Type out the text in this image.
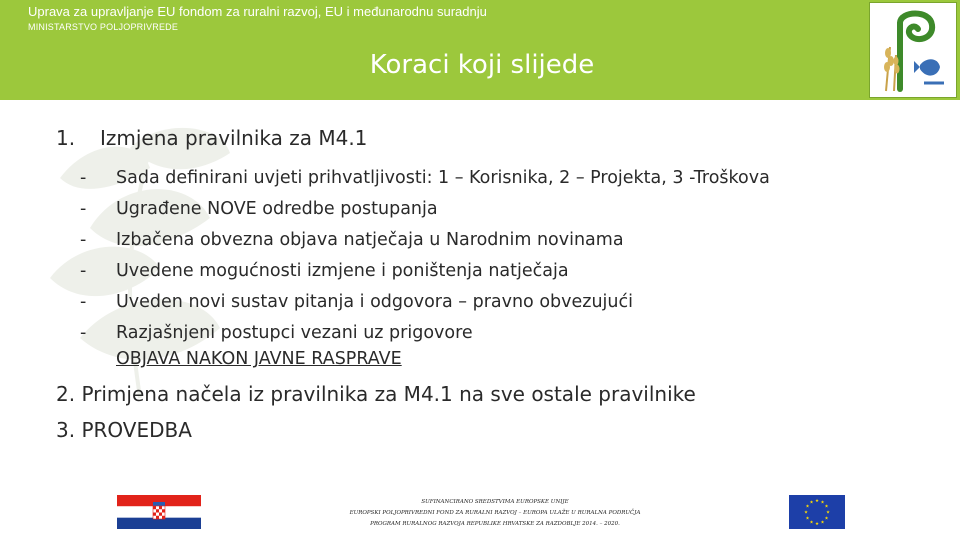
Uprava za upravljanje EU fondom za ruralni razvoj, EU i međunarodnu suradnju
MINISTARSTVO POLJOPRIVREDE
Koraci koji slijede
1. Izmjena pravilnika za M4.1
- Sada definirani uvjeti prihvatljivosti: 1 – Korisnika, 2 – Projekta, 3 -Troškova
- Ugrađene NOVE odredbe postupanja
- Izbačena obvezna objava natječaja u Narodnim novinama
- Uvedene mogućnosti izmjene i poništenja natječaja
- Uveden novi sustav pitanja i odgovora – pravno obvezujući
- Razjašnjeni postupci vezani uz prigovore
OBJAVA NAKON JAVNE RASPRAVE
2. Primjena načela iz pravilnika za M4.1 na sve ostale pravilnike
3. PROVEDBA
SUFINANCIRANO SREDSTVIMA EUROPSKE UNIJE
EUROPSKI POLJOPRIVREDNI FOND ZA RURALNI RAZVOJ – EUROPA ULAŽE U RURALNA PODRUČJA
PROGRAM RURALNOG RAZVOJA REPUBLIKE HRVATSKE ZA RAZDOBLJE 2014. – 2020.
★ ★
★
★
★
★
★
★
★
★
★
★
